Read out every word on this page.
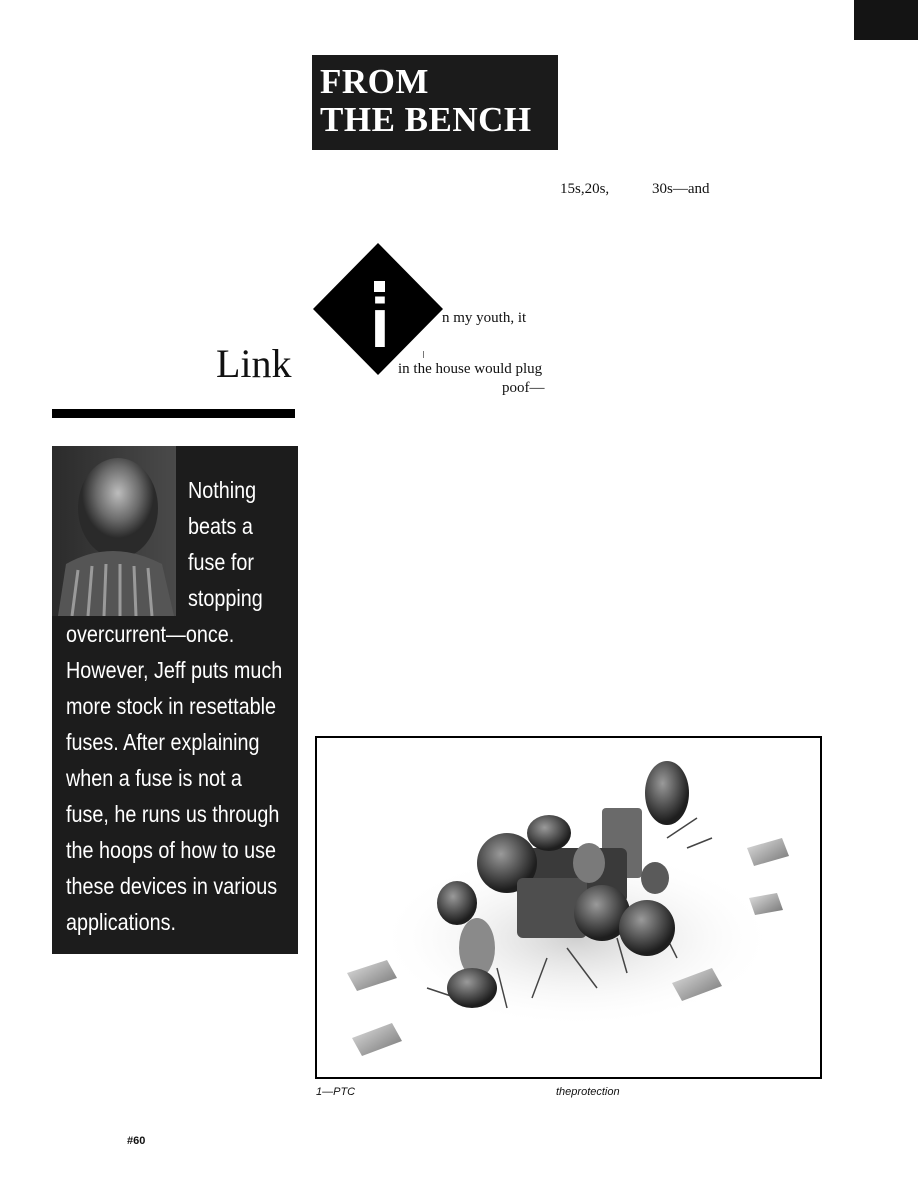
FROM
THE BENCH
15s,20s,	30s—and
i	n my youth, it
in the house would plug
poof—
Link
Nothing
beats a
fuse for
stopping
overcurrent—once.
However, Jeff puts much
more stock in resettable
fuses. After explaining
when a fuse is not a
fuse, he runs us through
the hoops of how to use
these devices in various
applications.
1—PTC	theprotection
#60
